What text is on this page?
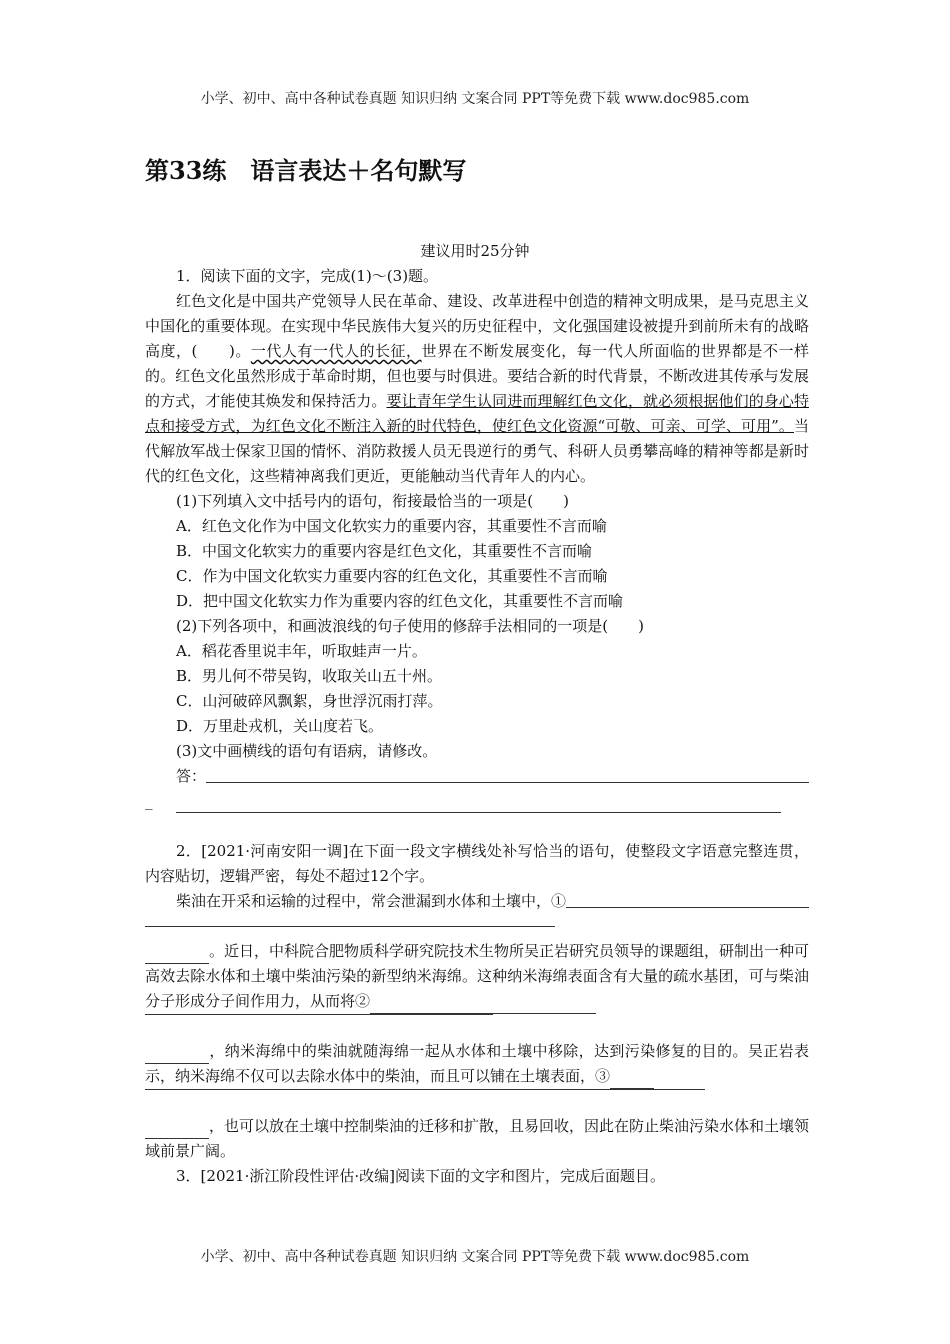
小学、初中、高中各种试卷真题 知识归纳 文案合同 PPT等免费下载 www.doc985.com
第33练　语言表达＋名句默写
建议用时25分钟

1．阅读下面的文字，完成(1)～(3)题。

红色文化是中国共产党领导人民在革命、建设、改革进程中创造的精神文明成果，是马克思主义中国化的重要体现。在实现中华民族伟大复兴的历史征程中，文化强国建设被提升到前所未有的战略高度，(　　)。一代人有一代人的长征，世界在不断发展变化，每一代人所面临的世界都是不一样的。红色文化虽然形成于革命时期，但也要与时俱进。要结合新的时代背景，不断改进其传承与发展的方式，才能使其焕发和保持活力。要让青年学生认同进而理解红色文化，就必须根据他们的身心特点和接受方式，为红色文化不断注入新的时代特色，使红色文化资源“可敬、可亲、可学、可用”。当代解放军战士保家卫国的情怀、消防救援人员无畏逆行的勇气、科研人员勇攀高峰的精神等都是新时代的红色文化，这些精神离我们更近，更能触动当代青年人的内心。

(1)下列填入文中括号内的语句，衔接最恰当的一项是(　　)

A．红色文化作为中国文化软实力的重要内容，其重要性不言而喻

B．中国文化软实力的重要内容是红色文化，其重要性不言而喻

C．作为中国文化软实力重要内容的红色文化，其重要性不言而喻

D．把中国文化软实力作为重要内容的红色文化，其重要性不言而喻

(2)下列各项中，和画波浪线的句子使用的修辞手法相同的一项是(　　)

A．稻花香里说丰年，听取蛙声一片。

B．男儿何不带吴钩，收取关山五十州。

C．山河破碎风飘絮，身世浮沉雨打萍。

D．万里赴戎机，关山度若飞。

(3)文中画横线的语句有语病，请修改。

答：

_

2．[2021·河南安阳一调]在下面一段文字横线处补写恰当的语句，使整段文字语意完整连贯，内容贴切，逻辑严密，每处不超过12个字。

柴油在开采和运输的过程中，常会泄漏到水体和土壤中，①

。近日，中科院合肥物质科学研究院技术生物所吴正岩研究员领导的课题组，研制出一种可高效去除水体和土壤中柴油污染的新型纳米海绵。这种纳米海绵表面含有大量的疏水基团，可与柴油分子形成分子间作用力，从而将②

，纳米海绵中的柴油就随海绵一起从水体和土壤中移除，达到污染修复的目的。吴正岩表示，纳米海绵不仅可以去除水体中的柴油，而且可以铺在土壤表面，③

，也可以放在土壤中控制柴油的迁移和扩散，且易回收，因此在防止柴油污染水体和土壤领域前景广阔。

3．[2021·浙江阶段性评估·改编]阅读下面的文字和图片，完成后面题目。

小学、初中、高中各种试卷真题 知识归纳 文案合同 PPT等免费下载 www.doc985.com
